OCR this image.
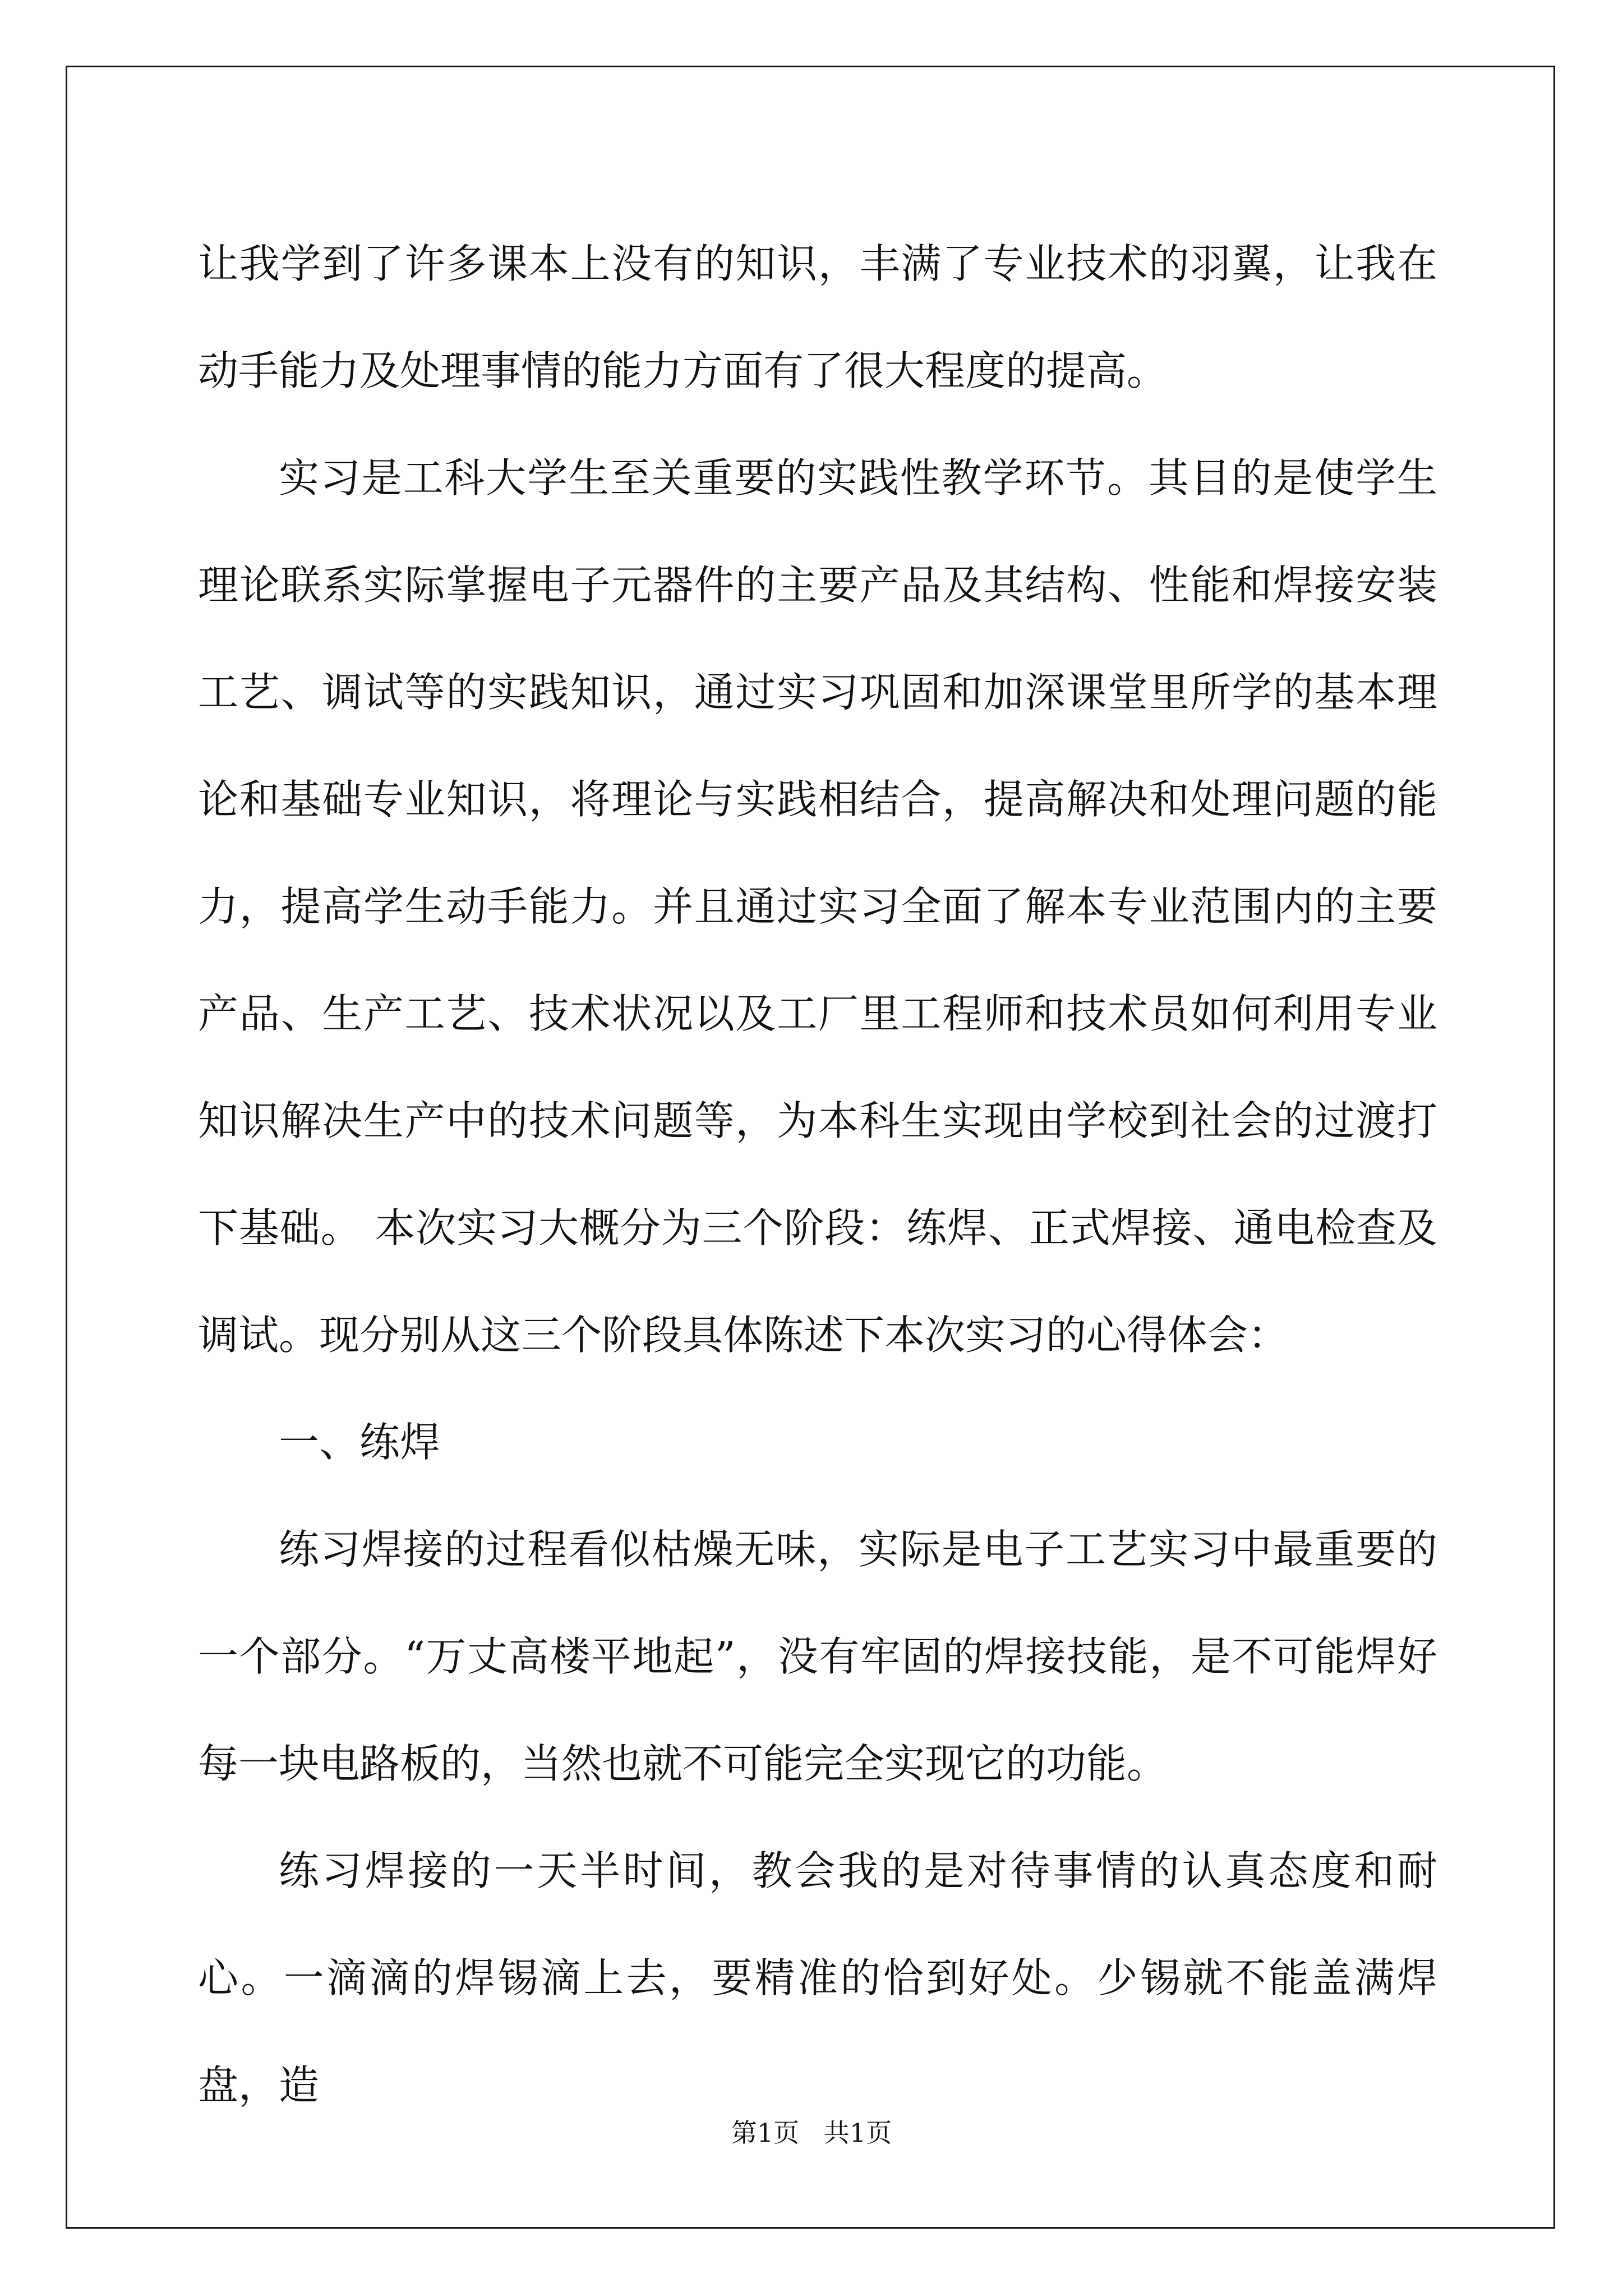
让我学到了许多课本上没有的知识，丰满了专业技术的羽翼，让我在动手能力及处理事情的能力方面有了很大程度的提高。

实习是工科大学生至关重要的实践性教学环节。其目的是使学生理论联系实际掌握电子元器件的主要产品及其结构、性能和焊接安装工艺、调试等的实践知识，通过实习巩固和加深课堂里所学的基本理论和基础专业知识，将理论与实践相结合，提高解决和处理问题的能力，提高学生动手能力。并且通过实习全面了解本专业范围内的主要产品、生产工艺、技术状况以及工厂里工程师和技术员如何利用专业知识解决生产中的技术问题等，为本科生实现由学校到社会的过渡打下基础。 本次实习大概分为三个阶段：练焊、正式焊接、通电检查及调试。现分别从这三个阶段具体陈述下本次实习的心得体会：

一、练焊

练习焊接的过程看似枯燥无味，实际是电子工艺实习中最重要的一个部分。“万丈高楼平地起”，没有牢固的焊接技能，是不可能焊好每一块电路板的，当然也就不可能完全实现它的功能。

练习焊接的一天半时间，教会我的是对待事情的认真态度和耐心。一滴滴的焊锡滴上去，要精准的恰到好处。少锡就不能盖满焊盘，造

第1页   共1页
